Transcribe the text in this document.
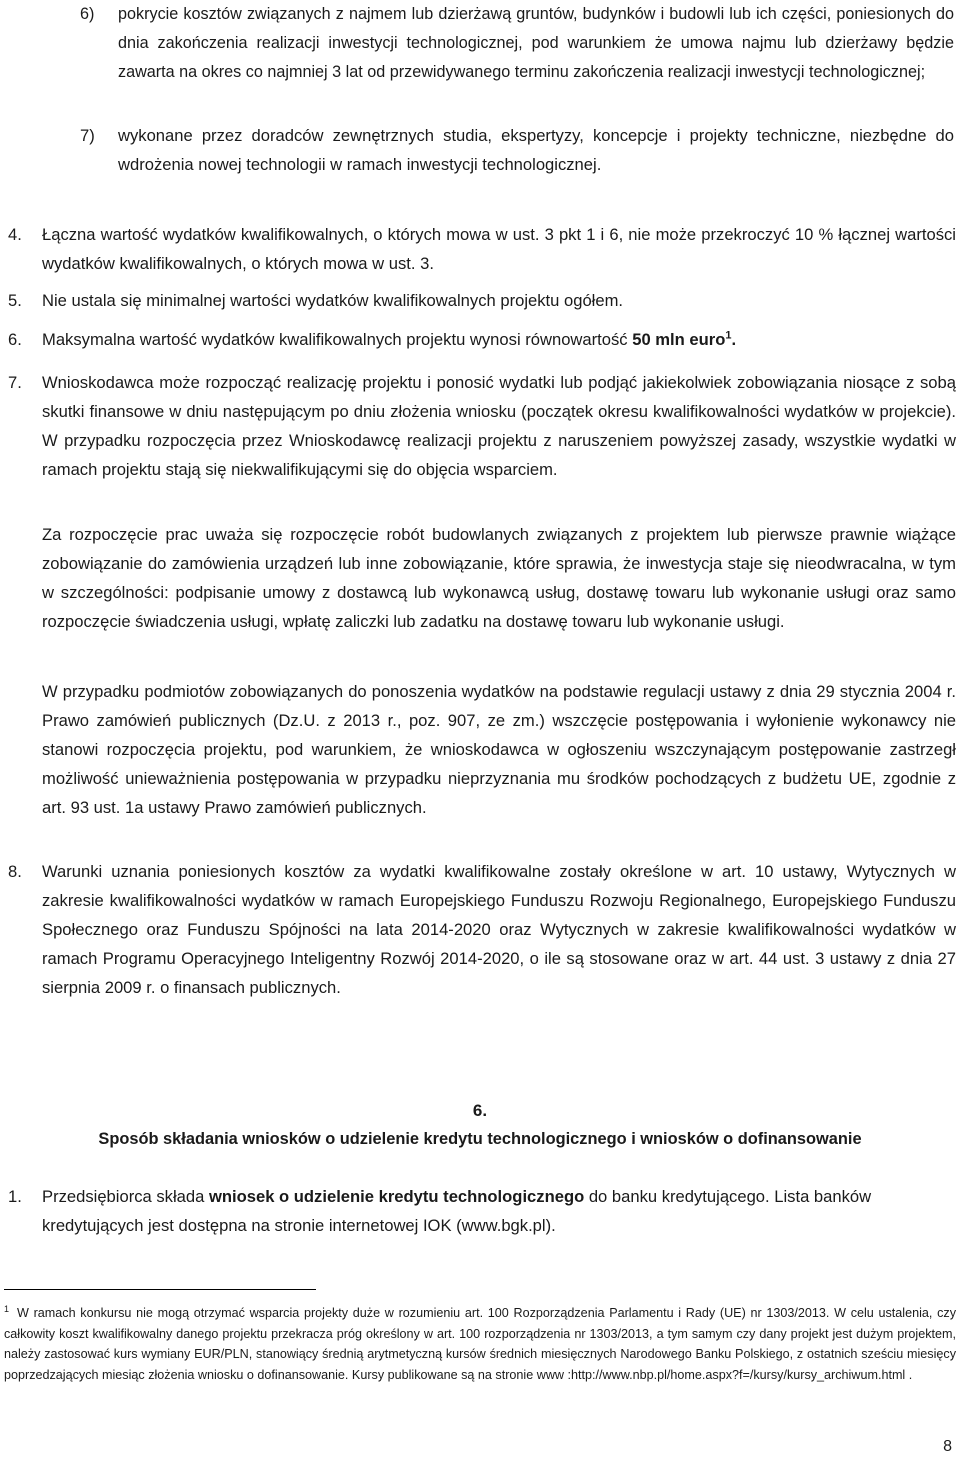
6) pokrycie kosztów związanych z najmem lub dzierżawą gruntów, budynków i budowli lub ich części, poniesionych do dnia zakończenia realizacji inwestycji technologicznej, pod warunkiem że umowa najmu lub dzierżawy będzie zawarta na okres co najmniej 3 lat od przewidywanego terminu zakończenia realizacji inwestycji technologicznej;
7) wykonane przez doradców zewnętrznych studia, ekspertyzy, koncepcje i projekty techniczne, niezbędne do wdrożenia nowej technologii w ramach inwestycji technologicznej.
4. Łączna wartość wydatków kwalifikowalnych, o których mowa w ust. 3 pkt 1 i 6, nie może przekroczyć 10 % łącznej wartości wydatków kwalifikowalnych, o których mowa w ust. 3.
5. Nie ustala się minimalnej wartości wydatków kwalifikowalnych projektu ogółem.
6. Maksymalna wartość wydatków kwalifikowalnych projektu wynosi równowartość 50 mln euro$^1$.
7. Wnioskodawca może rozpocząć realizację projektu i ponosić wydatki lub podjąć jakiekolwiek zobowiązania niosące z sobą skutki finansowe w dniu następującym po dniu złożenia wniosku (początek okresu kwalifikowalności wydatków w projekcie). W przypadku rozpoczęcia przez Wnioskodawcę realizacji projektu z naruszeniem powyższej zasady, wszystkie wydatki w ramach projektu stają się niekwalifikującymi się do objęcia wsparciem.
Za rozpoczęcie prac uważa się rozpoczęcie robót budowlanych związanych z projektem lub pierwsze prawnie wiążące zobowiązanie do zamówienia urządzeń lub inne zobowiązanie, które sprawia, że inwestycja staje się nieodwracalna, w tym w szczególności: podpisanie umowy z dostawcą lub wykonawcą usług, dostawę towaru lub wykonanie usługi oraz samo rozpoczęcie świadczenia usługi, wpłatę zaliczki lub zadatku na dostawę towaru lub wykonanie usługi.
W przypadku podmiotów zobowiązanych do ponoszenia wydatków na podstawie regulacji ustawy z dnia 29 stycznia 2004 r. Prawo zamówień publicznych (Dz.U. z 2013 r., poz. 907, ze zm.) wszczęcie postępowania i wyłonienie wykonawcy nie stanowi rozpoczęcia projektu, pod warunkiem, że wnioskodawca w ogłoszeniu wszczynającym postępowanie zastrzegł możliwość unieważnienia postępowania w przypadku nieprzyznania mu środków pochodzących z budżetu UE, zgodnie z art. 93 ust. 1a ustawy Prawo zamówień publicznych.
8. Warunki uznania poniesionych kosztów za wydatki kwalifikowalne zostały określone w art. 10 ustawy, Wytycznych w zakresie kwalifikowalności wydatków w ramach Europejskiego Funduszu Rozwoju Regionalnego, Europejskiego Funduszu Społecznego oraz Funduszu Spójności na lata 2014-2020 oraz Wytycznych w zakresie kwalifikowalności wydatków w ramach Programu Operacyjnego Inteligentny Rozwój 2014-2020, o ile są stosowane oraz w art. 44 ust. 3 ustawy z dnia 27 sierpnia 2009 r. o finansach publicznych.
6.
Sposób składania wniosków o udzielenie kredytu technologicznego i wniosków o dofinansowanie
1. Przedsiębiorca składa wniosek o udzielenie kredytu technologicznego do banku kredytującego. Lista banków kredytujących jest dostępna na stronie internetowej IOK (www.bgk.pl).
$^1$ W ramach konkursu nie mogą otrzymać wsparcia projekty duże w rozumieniu art. 100 Rozporządzenia Parlamentu i Rady (UE) nr 1303/2013. W celu ustalenia, czy całkowity koszt kwalifikowalny danego projektu przekracza próg określony w art. 100 rozporządzenia nr 1303/2013, a tym samym czy dany projekt jest dużym projektem, należy zastosować kurs wymiany EUR/PLN, stanowiący średnią arytmetyczną kursów średnich miesięcznych Narodowego Banku Polskiego, z ostatnich sześciu miesięcy poprzedzających miesiąc złożenia wniosku o dofinansowanie. Kursy publikowane są na stronie www :http://www.nbp.pl/home.aspx?f=/kursy/kursy_archiwum.html .
8
